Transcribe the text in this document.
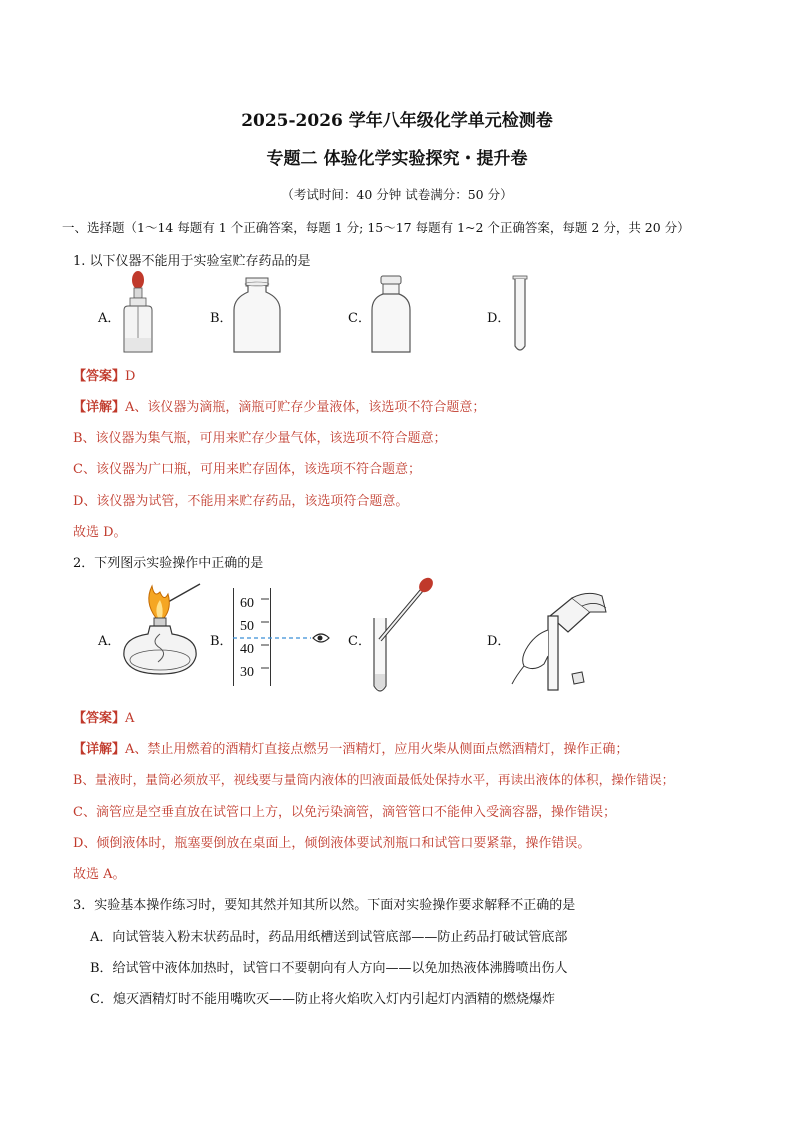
2025-2026 学年八年级化学单元检测卷
专题二 体验化学实验探究・提升卷
（考试时间：40 分钟 试卷满分：50 分）
一、选择题（1～14 每题有 1 个正确答案，每题 1 分; 15～17 每题有 1~2 个正确答案，每题 2 分，共 20 分）
1. 以下仪器不能用于实验室贮存药品的是
A．	B．	C．	D．
【答案】D
【详解】A、该仪器为滴瓶，滴瓶可贮存少量液体，该选项不符合题意；
B、该仪器为集气瓶，可用来贮存少量气体，该选项不符合题意；
C、该仪器为广口瓶，可用来贮存固体，该选项不符合题意；
D、该仪器为试管，不能用来贮存药品，该选项符合题意。
故选 D。
2．下列图示实验操作中正确的是
A．	B．
60
50
40
30
C．	D．
【答案】A
【详解】A、禁止用燃着的酒精灯直接点燃另一酒精灯，应用火柴从侧面点燃酒精灯，操作正确；
B、量液时，量筒必须放平，视线要与量筒内液体的凹液面最低处保持水平，再读出液体的体积，操作错误；
C、滴管应是空垂直放在试管口上方，以免污染滴管，滴管管口不能伸入受滴容器，操作错误；
D、倾倒液体时，瓶塞要倒放在桌面上，倾倒液体要试剂瓶口和试管口要紧靠，操作错误。
故选 A。
3．实验基本操作练习时，要知其然并知其所以然。下面对实验操作要求解释不正确的是
A．向试管装入粉末状药品时，药品用纸槽送到试管底部——防止药品打破试管底部
B．给试管中液体加热时，试管口不要朝向有人方向——以免加热液体沸腾喷出伤人
C．熄灭酒精灯时不能用嘴吹灭——防止将火焰吹入灯内引起灯内酒精的燃烧爆炸
